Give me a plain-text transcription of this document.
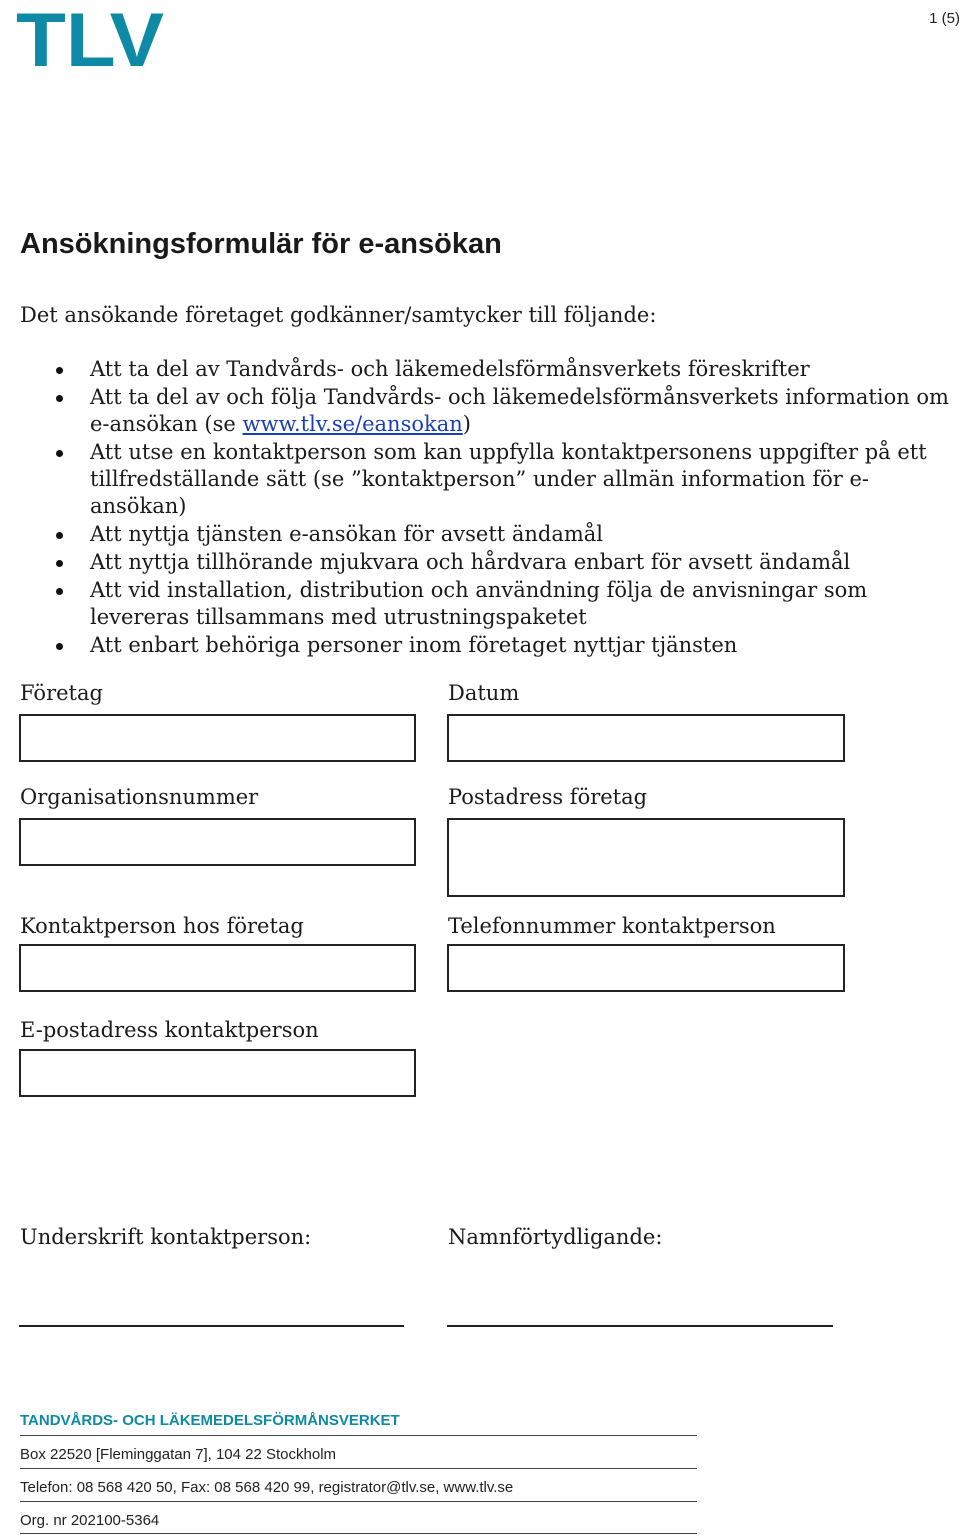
TLV	1 (5)
Ansökningsformulär för e-ansökan
Det ansökande företaget godkänner/samtycker till följande:
Att ta del av Tandvårds- och läkemedelsförmånsverkets föreskrifter
Att ta del av och följa Tandvårds- och läkemedelsförmånsverkets information om e-ansökan (se www.tlv.se/eansokan)
Att utse en kontaktperson som kan uppfylla kontaktpersonens uppgifter på ett tillfredställande sätt (se ”kontaktperson” under allmän information för e-ansökan)
Att nyttja tjänsten e-ansökan för avsett ändamål
Att nyttja tillhörande mjukvara och hårdvara enbart för avsett ändamål
Att vid installation, distribution och användning följa de anvisningar som levereras tillsammans med utrustningspaketet
Att enbart behöriga personer inom företaget nyttjar tjänsten
Företag	Datum
Organisationsnummer	Postadress företag
Kontaktperson hos företag	Telefonnummer kontaktperson
E-postadress kontaktperson
Underskrift kontaktperson:	Namnförtydligande:
TANDVÅRDS- OCH LÄKEMEDELSFÖRMÅNSVERKET
Box 22520 [Fleminggatan 7], 104 22 Stockholm
Telefon: 08 568 420 50, Fax: 08 568 420 99, registrator@tlv.se, www.tlv.se
Org. nr 202100-5364
